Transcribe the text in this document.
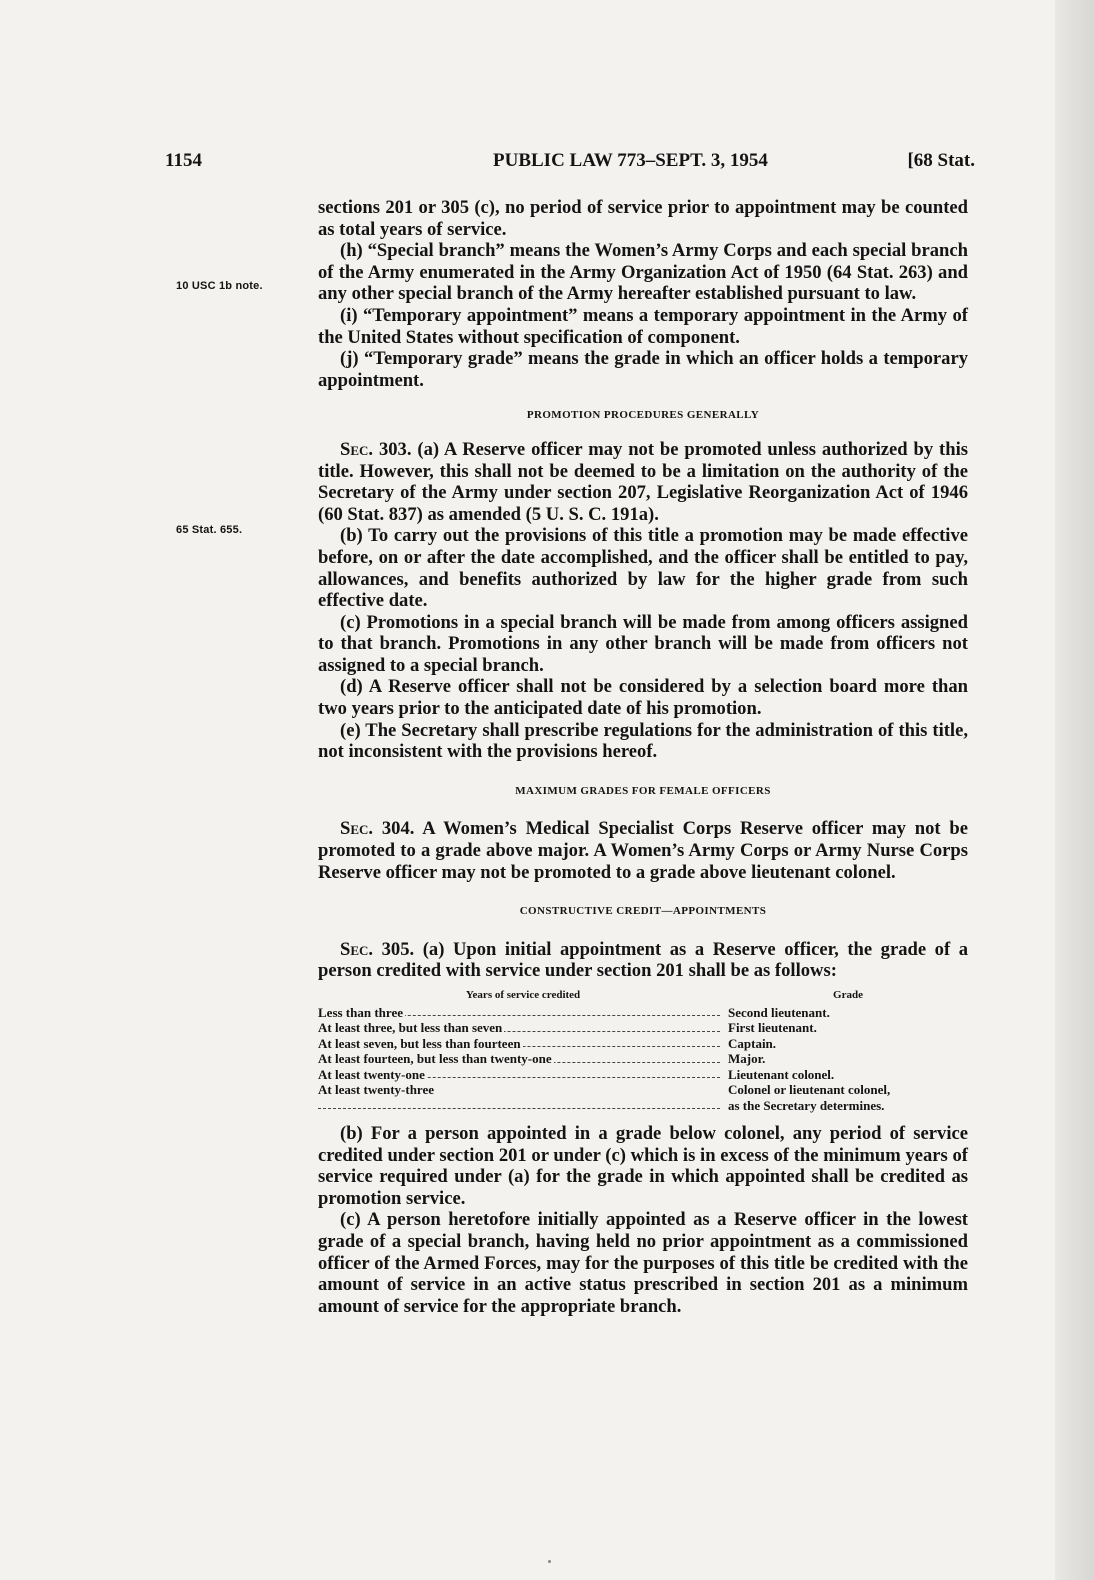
1154	PUBLIC LAW 773–SEPT. 3, 1954	[68 Stat.
10 USC 1b note.
65 Stat. 655.

sections 201 or 305 (c), no period of service prior to appointment may be counted as total years of service.

(h) “Special branch” means the Women’s Army Corps and each special branch of the Army enumerated in the Army Organization Act of 1950 (64 Stat. 263) and any other special branch of the Army hereafter established pursuant to law.

(i) “Temporary appointment” means a temporary appointment in the Army of the United States without specification of component.

(j) “Temporary grade” means the grade in which an officer holds a temporary appointment.

PROMOTION PROCEDURES GENERALLY

Sec. 303. (a) A Reserve officer may not be promoted unless authorized by this title. However, this shall not be deemed to be a limitation on the authority of the Secretary of the Army under section 207, Legislative Reorganization Act of 1946 (60 Stat. 837) as amended (5 U. S. C. 191a).

(b) To carry out the provisions of this title a promotion may be made effective before, on or after the date accomplished, and the officer shall be entitled to pay, allowances, and benefits authorized by law for the higher grade from such effective date.

(c) Promotions in a special branch will be made from among officers assigned to that branch. Promotions in any other branch will be made from officers not assigned to a special branch.

(d) A Reserve officer shall not be considered by a selection board more than two years prior to the anticipated date of his promotion.

(e) The Secretary shall prescribe regulations for the administration of this title, not inconsistent with the provisions hereof.

MAXIMUM GRADES FOR FEMALE OFFICERS

Sec. 304. A Women’s Medical Specialist Corps Reserve officer may not be promoted to a grade above major. A Women’s Army Corps or Army Nurse Corps Reserve officer may not be promoted to a grade above lieutenant colonel.

CONSTRUCTIVE CREDIT—APPOINTMENTS

Sec. 305. (a) Upon initial appointment as a Reserve officer, the grade of a person credited with service under section 201 shall be as follows:

Years of service credited	Grade
Less than three	Second lieutenant.
At least three, but less than seven	First lieutenant.
At least seven, but less than fourteen	Captain.
At least fourteen, but less than twenty-one	Major.
At least twenty-one	Lieutenant colonel.
At least twenty-three	Colonel or lieutenant colonel,
as the Secretary determines.

(b) For a person appointed in a grade below colonel, any period of service credited under section 201 or under (c) which is in excess of the minimum years of service required under (a) for the grade in which appointed shall be credited as promotion service.

(c) A person heretofore initially appointed as a Reserve officer in the lowest grade of a special branch, having held no prior appointment as a commissioned officer of the Armed Forces, may for the purposes of this title be credited with the amount of service in an active status prescribed in section 201 as a minimum amount of service for the appropriate branch.
